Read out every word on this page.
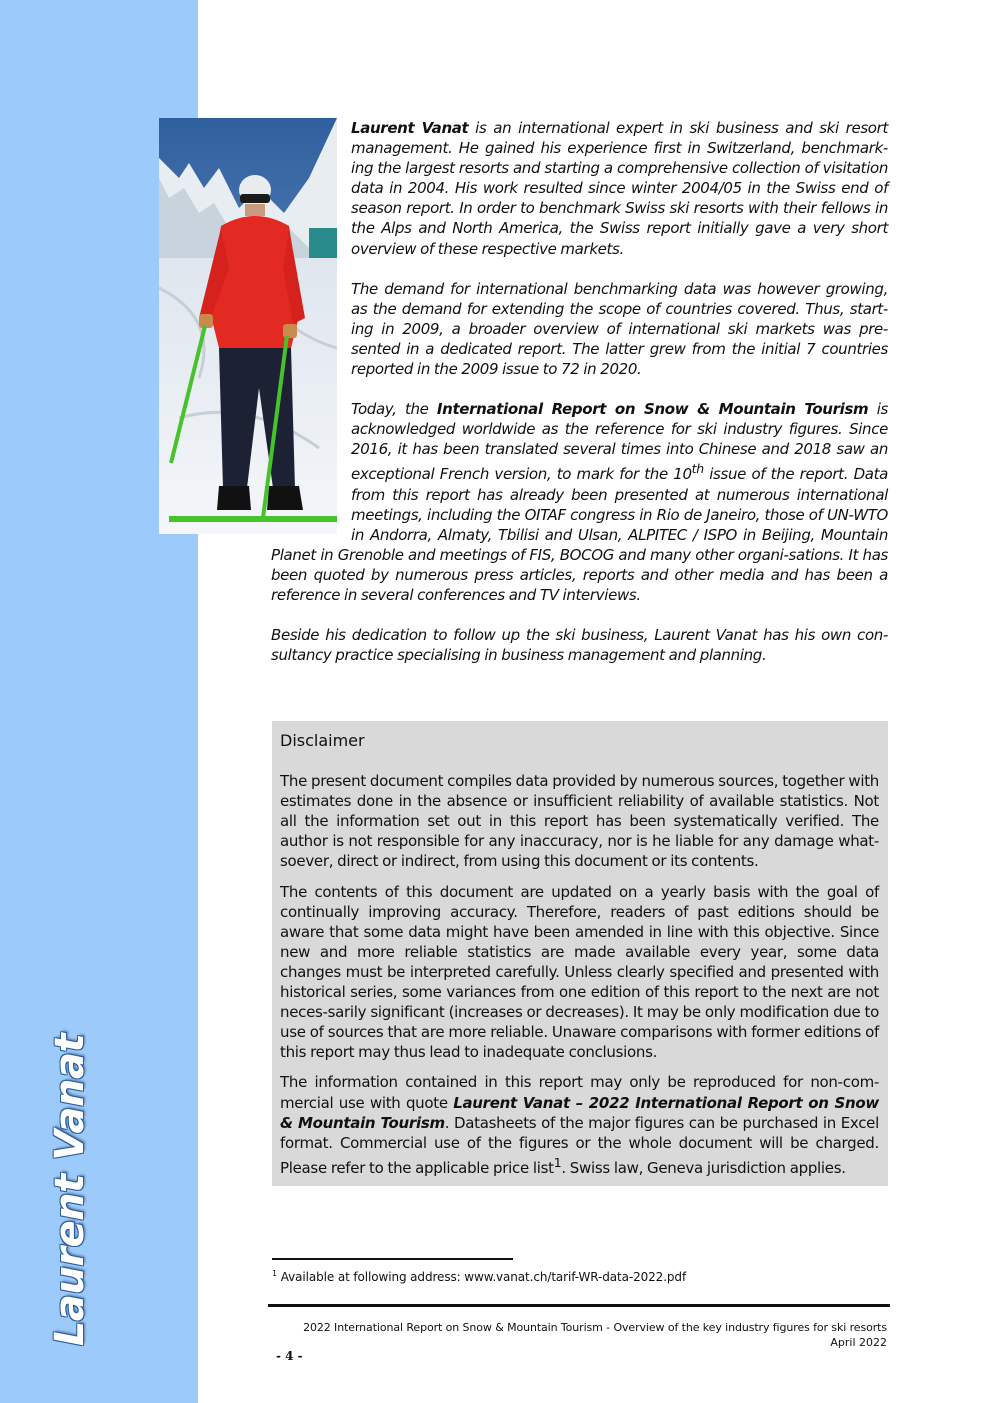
Laurent Vanat

Laurent Vanat is an international expert in ski business and ski resort management. He gained his experience first in Switzerland, benchmark-ing the largest resorts and starting a comprehensive collection of visitation data in 2004. His work resulted since winter 2004/05 in the Swiss end of season report. In order to benchmark Swiss ski resorts with their fellows in the Alps and North America, the Swiss report initially gave a very short overview of these respective markets.

The demand for international benchmarking data was however growing, as the demand for extending the scope of countries covered. Thus, start-ing in 2009, a broader overview of international ski markets was pre-sented in a dedicated report. The latter grew from the initial 7 countries reported in the 2009 issue to 72 in 2020.

Today, the International Report on Snow & Mountain Tourism is acknowledged worldwide as the reference for ski industry figures. Since 2016, it has been translated several times into Chinese and 2018 saw an exceptional French version, to mark for the 10th issue of the report. Data from this report has already been presented at numerous international meetings, including the OITAF congress in Rio de Janeiro, those of UN-WTO in Andorra, Almaty, Tbilisi and Ulsan, ALPITEC / ISPO in Beijing, Mountain Planet in Grenoble and meetings of FIS, BOCOG and many other organi-sations. It has been quoted by numerous press articles, reports and other media and has been a reference in several conferences and TV interviews.

Beside his dedication to follow up the ski business, Laurent Vanat has his own con-sultancy practice specialising in business management and planning.

Disclaimer

The present document compiles data provided by numerous sources, together with estimates done in the absence or insufficient reliability of available statistics. Not all the information set out in this report has been systematically verified. The author is not responsible for any inaccuracy, nor is he liable for any damage what-soever, direct or indirect, from using this document or its contents.

The contents of this document are updated on a yearly basis with the goal of continually improving accuracy. Therefore, readers of past editions should be aware that some data might have been amended in line with this objective. Since new and more reliable statistics are made available every year, some data changes must be interpreted carefully. Unless clearly specified and presented with historical series, some variances from one edition of this report to the next are not neces-sarily significant (increases or decreases). It may be only modification due to use of sources that are more reliable. Unaware comparisons with former editions of this report may thus lead to inadequate conclusions.

The information contained in this report may only be reproduced for non-com-mercial use with quote Laurent Vanat – 2022 International Report on Snow & Mountain Tourism. Datasheets of the major figures can be purchased in Excel format. Commercial use of the figures or the whole document will be charged. Please refer to the applicable price list$^1$. Swiss law, Geneva jurisdiction applies.

$^1$ Available at following address: www.vanat.ch/tarif-WR-data-2022.pdf
2022 International Report on Snow & Mountain Tourism - Overview of the key industry figures for ski resorts
April 2022
- 4 -
